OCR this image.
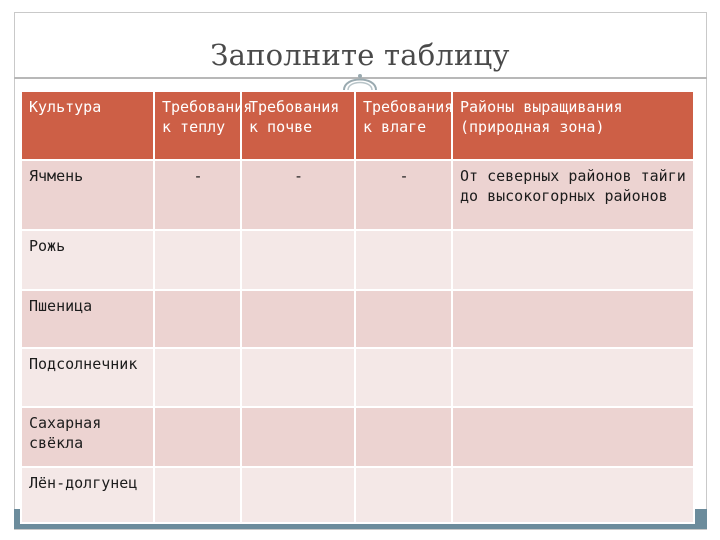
Заполните таблицу
Культура	Требования к теплу	Требования к почве	Требования к влаге	Районы выращивания (природная зона)
Ячмень	-	-	-	От северных районов тайги до высокогорных районов
Рожь				
Пшеница				
Подсолнечник				
Сахарная свёкла				
Лён-долгунец				
